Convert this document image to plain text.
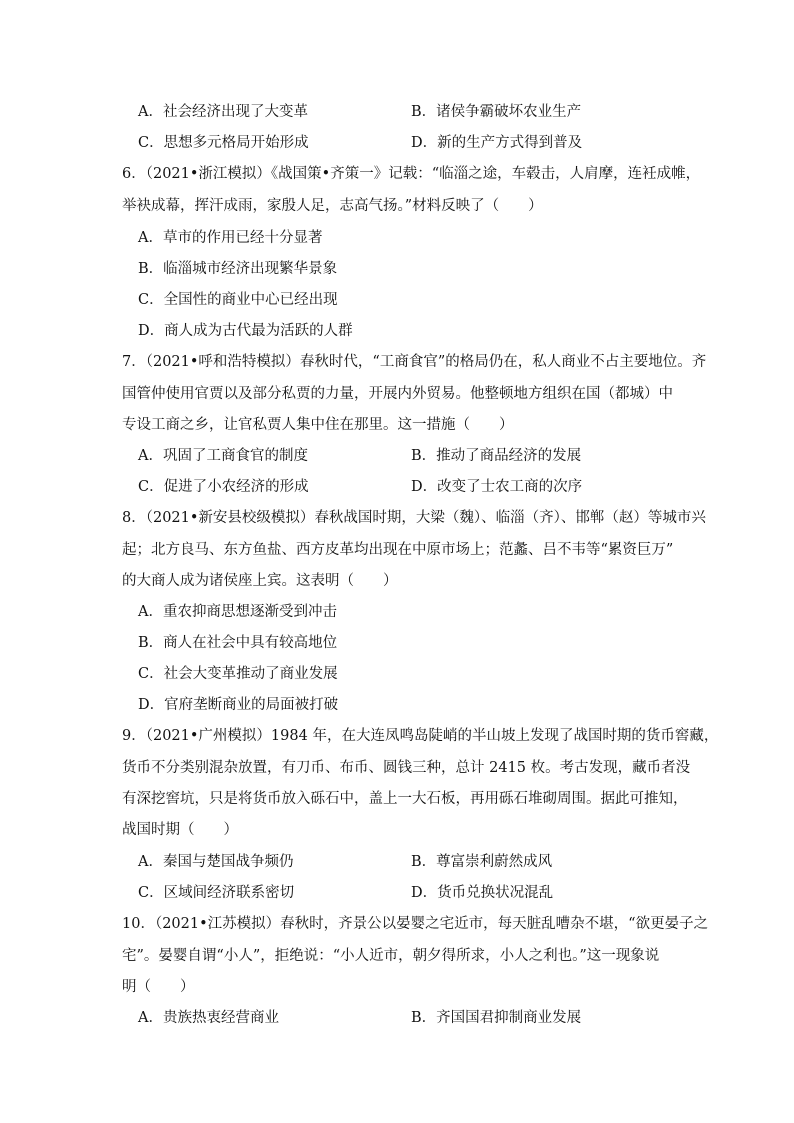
A．社会经济出现了大变革	B．诸侯争霸破坏农业生产
C．思想多元格局开始形成	D．新的生产方式得到普及
6．（2021•浙江模拟）《战国策•齐策一》记载：“临淄之途，车毂击，人肩摩，连衽成帷，
举袂成幕，挥汗成雨，家殷人足，志高气扬。”材料反映了（　　）
A．草市的作用已经十分显著
B．临淄城市经济出现繁华景象
C．全国性的商业中心已经出现
D．商人成为古代最为活跃的人群
7．（2021•呼和浩特模拟）春秋时代，“工商食官”的格局仍在，私人商业不占主要地位。齐
国管仲使用官贾以及部分私贾的力量，开展内外贸易。他整顿地方组织在国（都城）中
专设工商之乡，让官私贾人集中住在那里。这一措施（　　）
A．巩固了工商食官的制度	B．推动了商品经济的发展
C．促进了小农经济的形成	D．改变了士农工商的次序
8．（2021•新安县校级模拟）春秋战国时期，大梁（魏）、临淄（齐）、邯郸（赵）等城市兴
起；北方良马、东方鱼盐、西方皮革均出现在中原市场上；范蠡、吕不韦等“累资巨万”
的大商人成为诸侯座上宾。这表明（　　）
A．重农抑商思想逐渐受到冲击
B．商人在社会中具有较高地位
C．社会大变革推动了商业发展
D．官府垄断商业的局面被打破
9．（2021•广州模拟）1984 年，在大连凤鸣岛陡峭的半山坡上发现了战国时期的货币窖藏，
货币不分类别混杂放置，有刀币、布币、圆钱三种，总计 2415 枚。考古发现，藏币者没
有深挖窖坑，只是将货币放入砾石中，盖上一大石板，再用砾石堆砌周围。据此可推知，
战国时期（　　）
A．秦国与楚国战争频仍	B．尊富崇利蔚然成风
C．区域间经济联系密切	D．货币兑换状况混乱
10．（2021•江苏模拟）春秋时，齐景公以晏婴之宅近市，每天脏乱嘈杂不堪，“欲更晏子之
宅”。晏婴自谓“小人”，拒绝说：“小人近市，朝夕得所求，小人之利也。”这一现象说
明（　　）
A．贵族热衷经营商业	B．齐国国君抑制商业发展
